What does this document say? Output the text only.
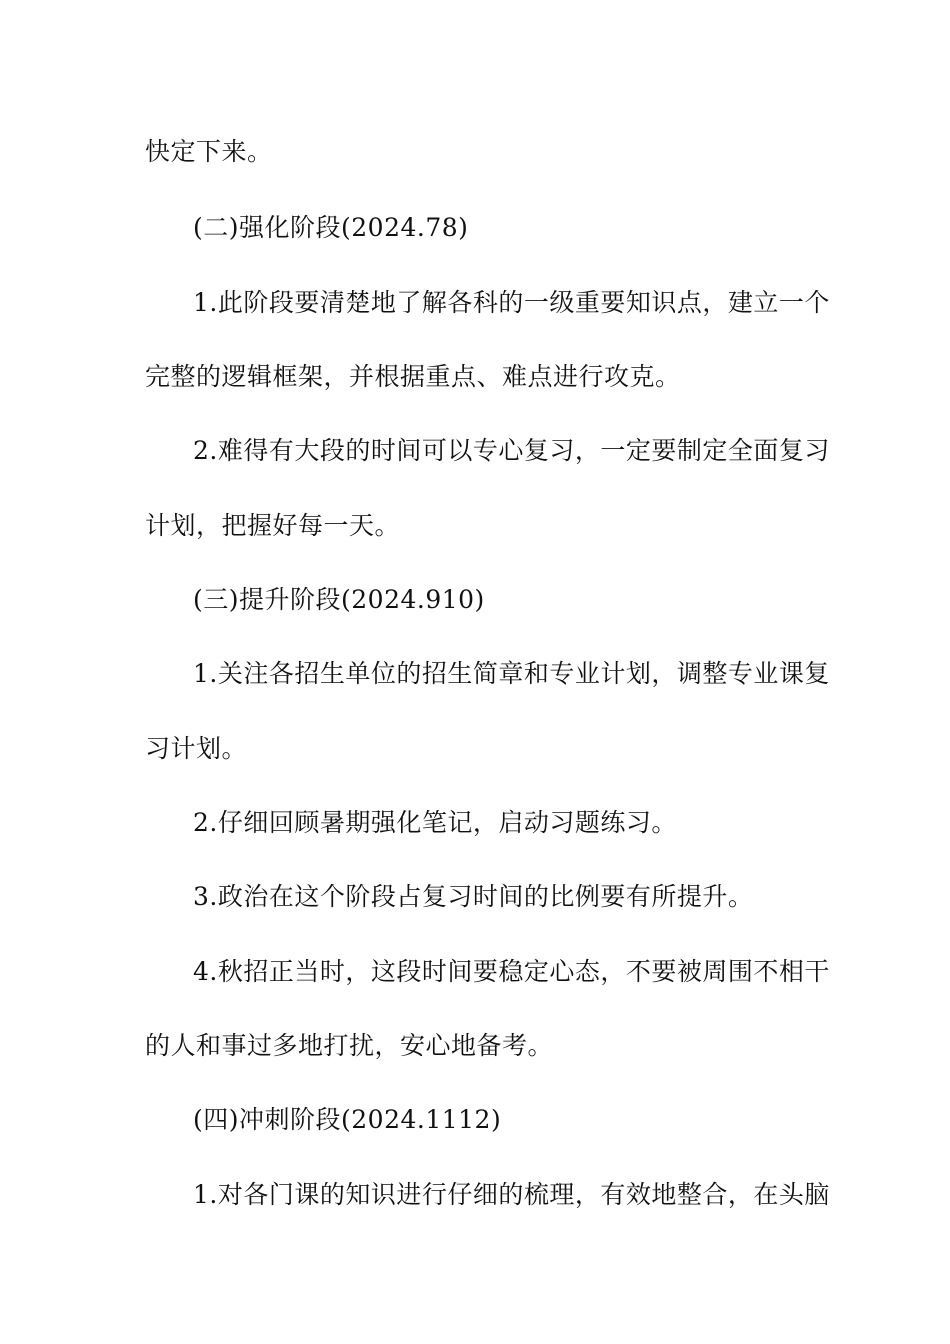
快定下来。
(二)强化阶段(2024.78)
1.此阶段要清楚地了解各科的一级重要知识点，建立一个
完整的逻辑框架，并根据重点、难点进行攻克。
2.难得有大段的时间可以专心复习，一定要制定全面复习
计划，把握好每一天。
(三)提升阶段(2024.910)
1.关注各招生单位的招生简章和专业计划，调整专业课复
习计划。
2.仔细回顾暑期强化笔记，启动习题练习。
3.政治在这个阶段占复习时间的比例要有所提升。
4.秋招正当时，这段时间要稳定心态，不要被周围不相干
的人和事过多地打扰，安心地备考。
(四)冲刺阶段(2024.1112)
1.对各门课的知识进行仔细的梳理，有效地整合，在头脑
